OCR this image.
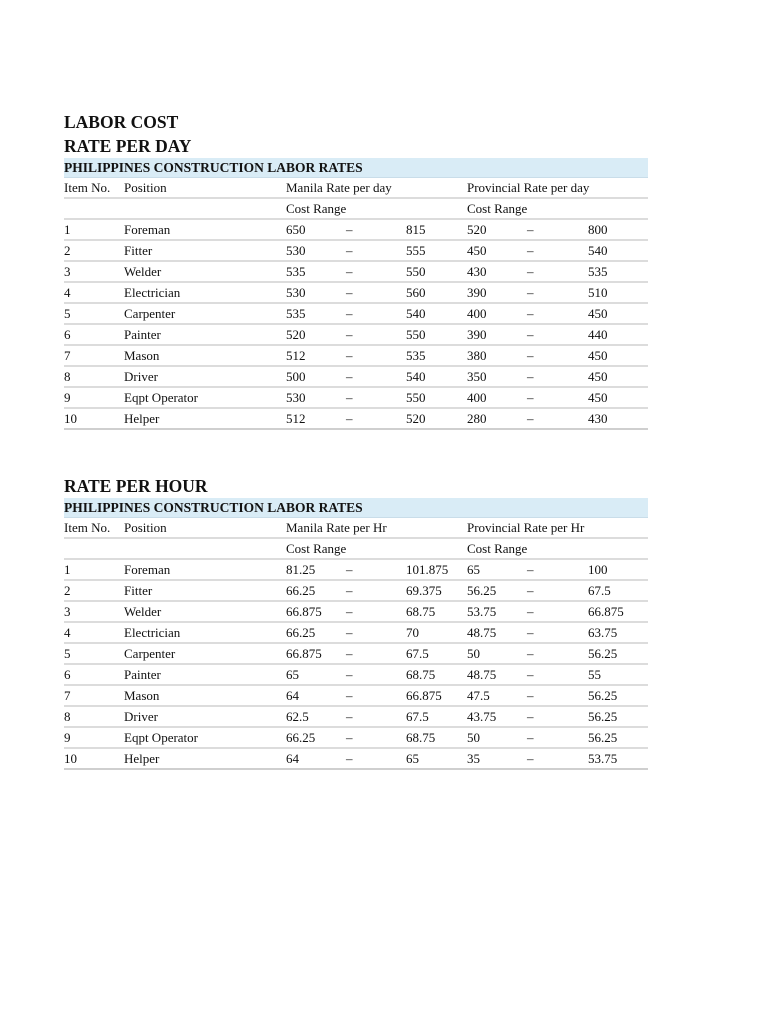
LABOR COST
RATE PER DAY
PHILIPPINES CONSTRUCTION LABOR RATES
Item No. Position	Manila Rate per day	Provincial Rate per day
Cost Range	Cost Range
1	Foreman	650	–	815	520	–	800
2	Fitter	530	–	555	450	–	540
3	Welder	535	–	550	430	–	535
4	Electrician	530	–	560	390	–	510
5	Carpenter	535	–	540	400	–	450
6	Painter	520	–	550	390	–	440
7	Mason	512	–	535	380	–	450
8	Driver	500	–	540	350	–	450
9	Eqpt Operator	530	–	550	400	–	450
10	Helper	512	–	520	280	–	430
RATE PER HOUR
PHILIPPINES CONSTRUCTION LABOR RATES
Item No. Position	Manila Rate per Hr	Provincial Rate per Hr
Cost Range	Cost Range
1	Foreman	81.25 –	101.875 65	–	100
2	Fitter	66.25 –	69.375 56.25 –	67.5
3	Welder	66.875 –	68.75 53.75 –	66.875
4	Electrician	66.25 –	70	48.75 –	63.75
5	Carpenter	66.875 –	67.5	50	–	56.25
6	Painter	65	–	68.75 48.75 –	55
7	Mason	64	–	66.875 47.5	–	56.25
8	Driver	62.5	–	67.5	43.75 –	56.25
9	Eqpt Operator	66.25 –	68.75 50	–	56.25
10	Helper	64	–	65	35	–	53.75
